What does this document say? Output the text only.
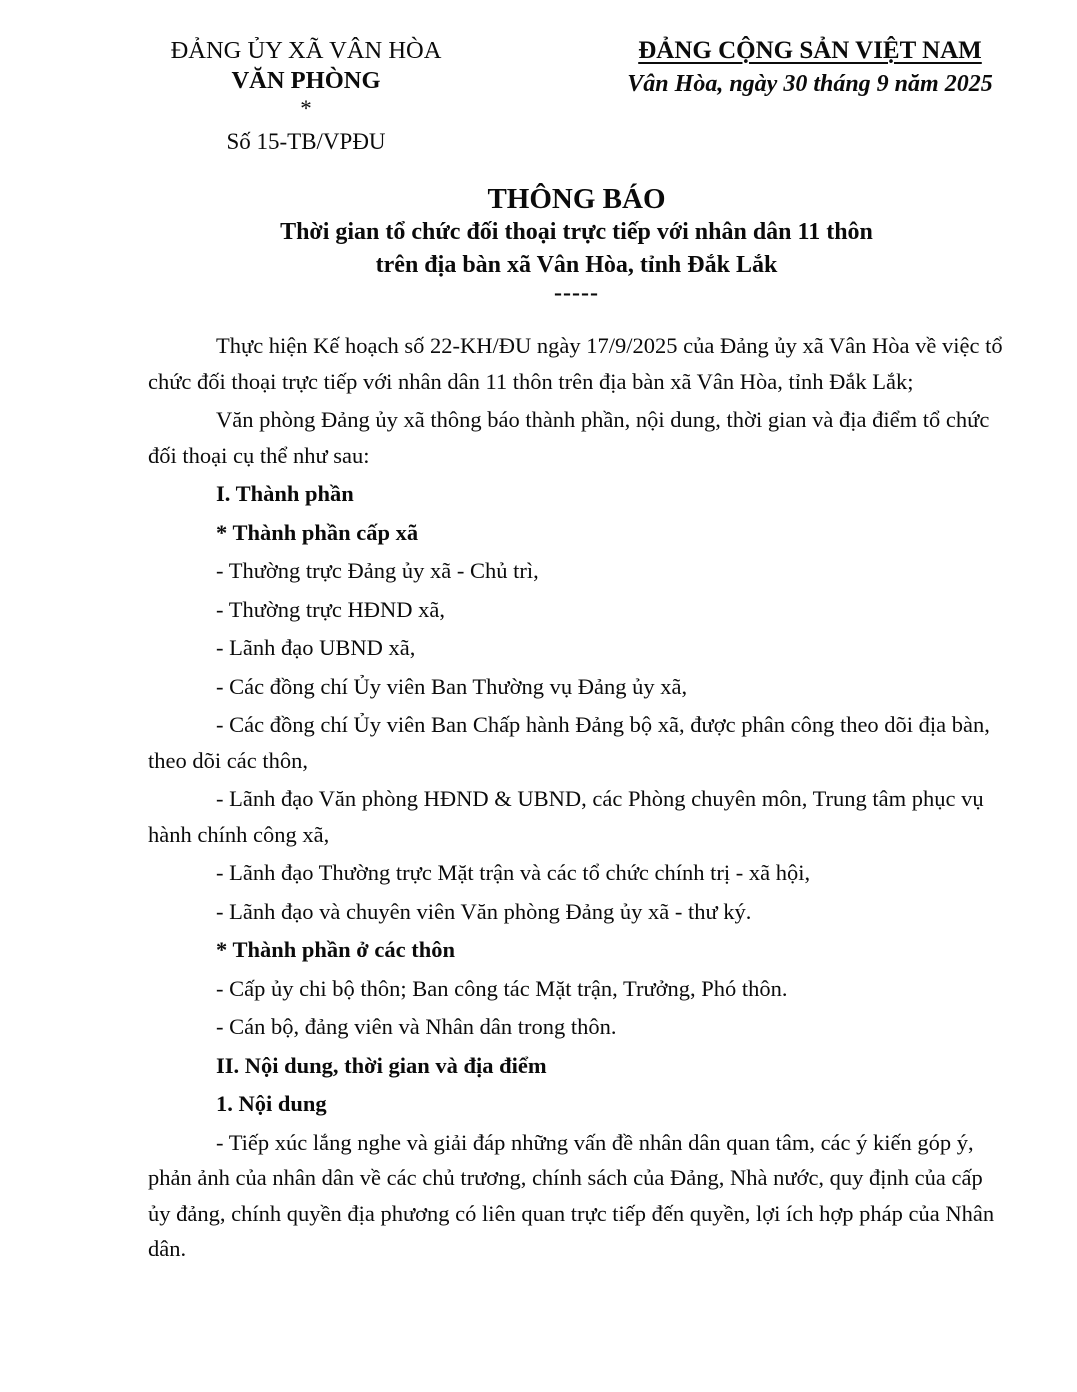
ĐẢNG ỦY XÃ VÂN HÒA
VĂN PHÒNG
*
Số 15-TB/VPĐU
ĐẢNG CỘNG SẢN VIỆT NAM
Vân Hòa, ngày 30 tháng 9 năm 2025
THÔNG BÁO
Thời gian tổ chức đối thoại trực tiếp với nhân dân 11 thôn
trên địa bàn xã Vân Hòa, tỉnh Đắk Lắk
-----

Thực hiện Kế hoạch số 22-KH/ĐU ngày 17/9/2025 của Đảng ủy xã Vân Hòa về việc tổ chức đối thoại trực tiếp với nhân dân 11 thôn trên địa bàn xã Vân Hòa, tỉnh Đắk Lắk;

Văn phòng Đảng ủy xã thông báo thành phần, nội dung, thời gian và địa điểm tổ chức đối thoại cụ thể như sau:

I. Thành phần

* Thành phần cấp xã

- Thường trực Đảng ủy xã - Chủ trì,

- Thường trực HĐND xã,

- Lãnh đạo UBND xã,

- Các đồng chí Ủy viên Ban Thường vụ Đảng ủy xã,

- Các đồng chí Ủy viên Ban Chấp hành Đảng bộ xã, được phân công theo dõi địa bàn, theo dõi các thôn,

- Lãnh đạo Văn phòng HĐND & UBND, các Phòng chuyên môn, Trung tâm phục vụ hành chính công xã,

- Lãnh đạo Thường trực Mặt trận và các tổ chức chính trị - xã hội,

- Lãnh đạo và chuyên viên Văn phòng Đảng ủy xã - thư ký.

* Thành phần ở các thôn

- Cấp ủy chi bộ thôn; Ban công tác Mặt trận, Trưởng, Phó thôn.

- Cán bộ, đảng viên và Nhân dân trong thôn.

II. Nội dung, thời gian và địa điểm

1. Nội dung

- Tiếp xúc lắng nghe và giải đáp những vấn đề nhân dân quan tâm, các ý kiến góp ý, phản ảnh của nhân dân về các chủ trương, chính sách của Đảng, Nhà nước, quy định của cấp ủy đảng, chính quyền địa phương có liên quan trực tiếp đến quyền, lợi ích hợp pháp của Nhân dân.
